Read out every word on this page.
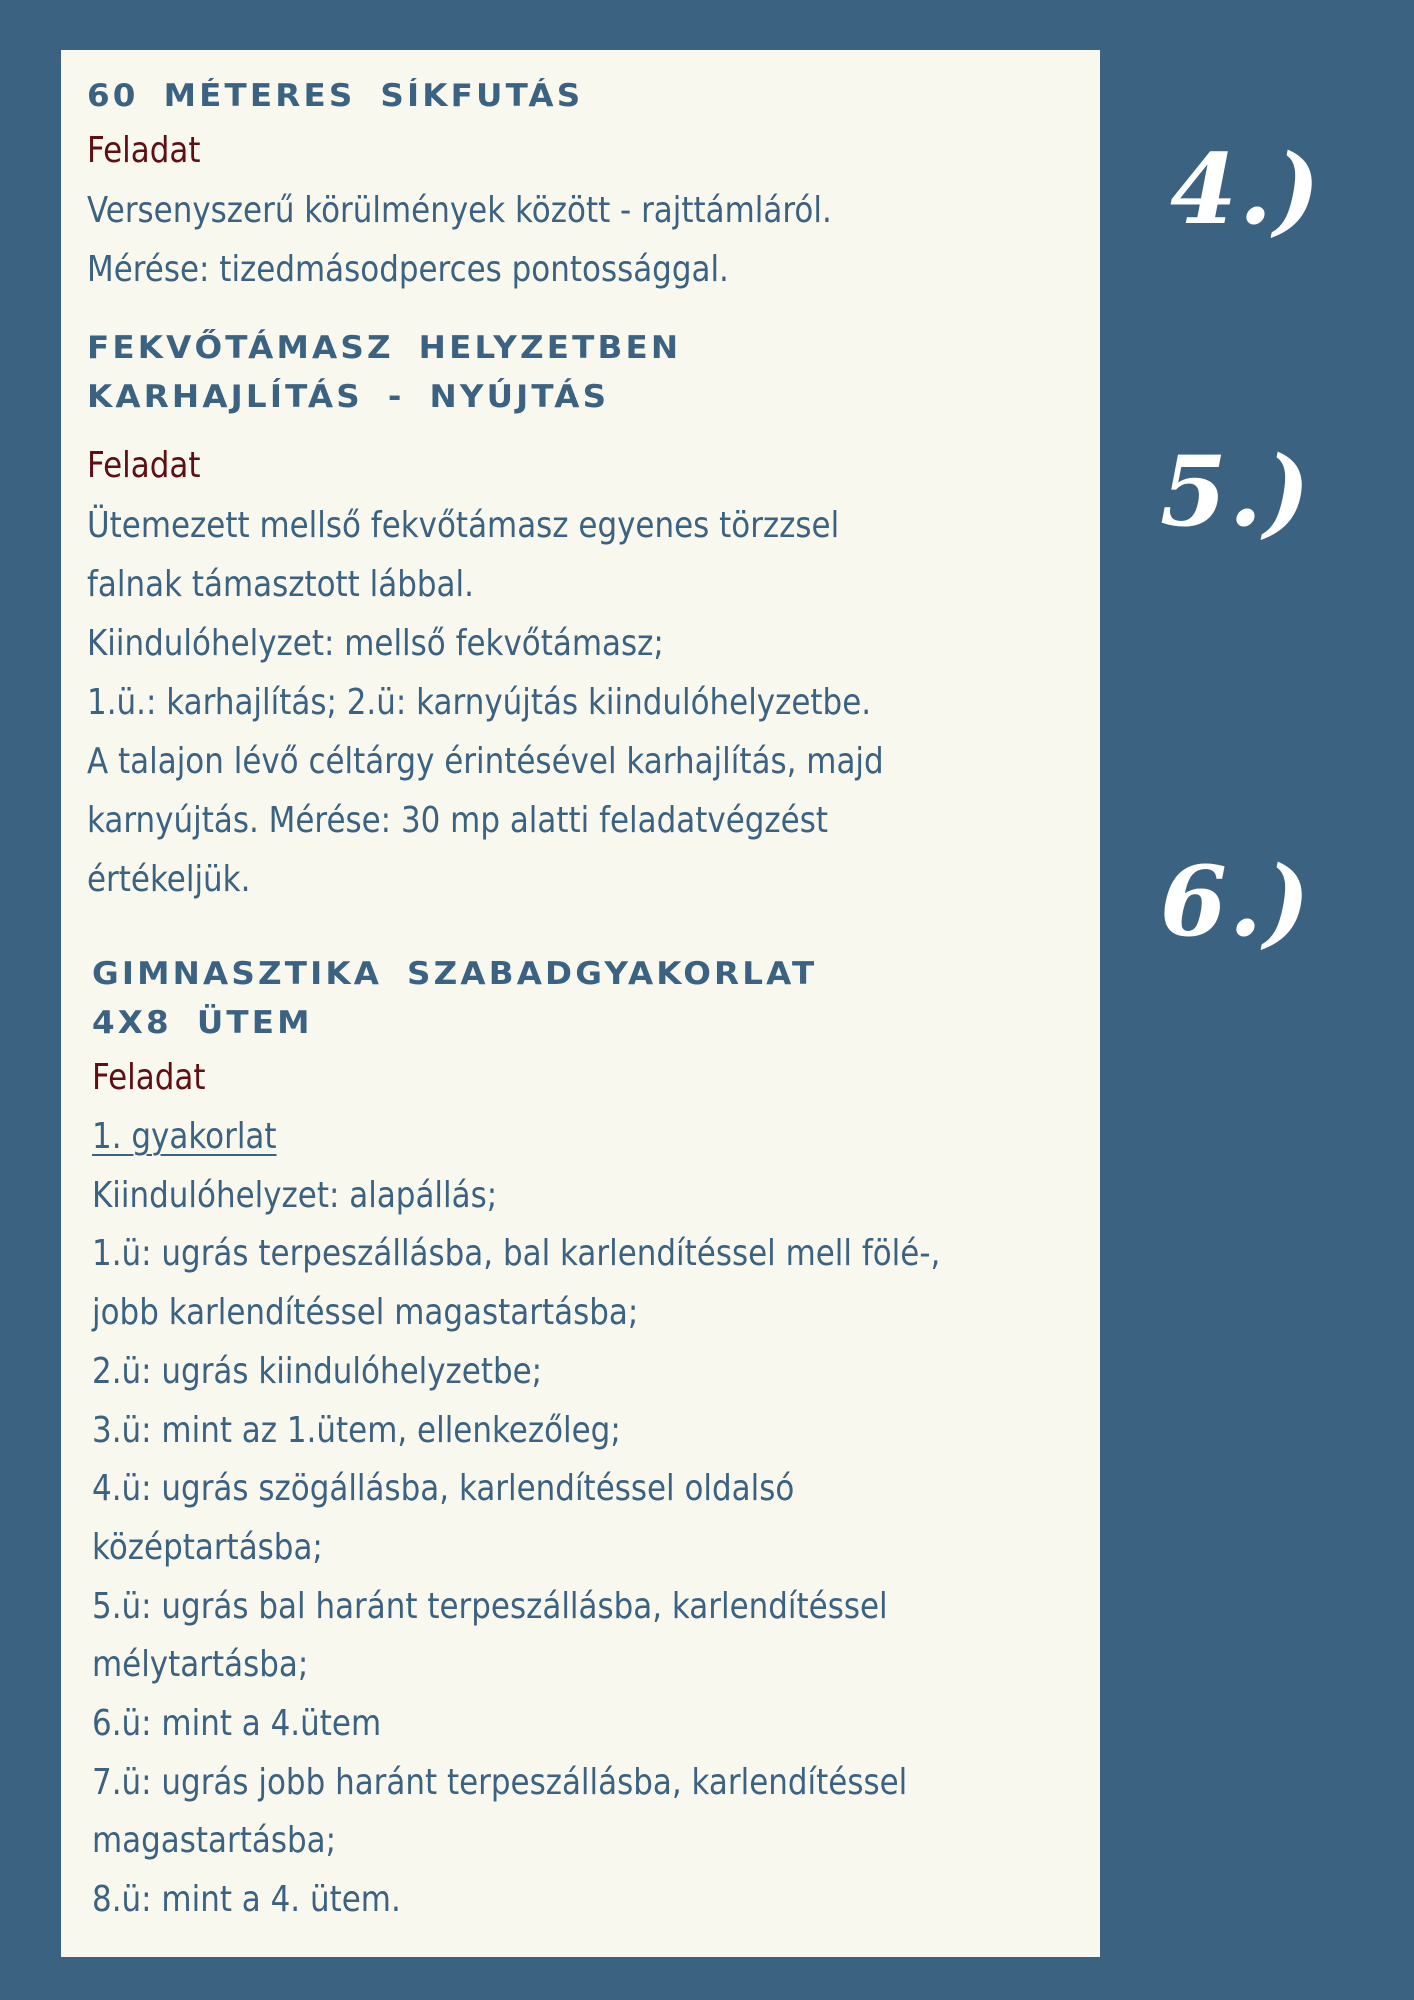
60 MÉTERES SÍKFUTÁS

Feladat

Versenyszerű körülmények között - rajttámláról.

Mérése: tizedmásodperces pontossággal.

FEKVŐTÁMASZ HELYZETBEN
KARHAJLÍTÁS - NYÚJTÁS

Feladat

Ütemezett mellső fekvőtámasz egyenes törzzsel

falnak támasztott lábbal.

Kiindulóhelyzet: mellső fekvőtámasz;

1.ü.: karhajlítás; 2.ü: karnyújtás kiindulóhelyzetbe.

A talajon lévő céltárgy érintésével karhajlítás, majd

karnyújtás. Mérése: 30 mp alatti feladatvégzést

értékeljük.

GIMNASZTIKA SZABADGYAKORLAT
4X8 ÜTEM

Feladat

1. gyakorlat

Kiindulóhelyzet: alapállás;

1.ü: ugrás terpeszállásba, bal karlendítéssel mell fölé-,

jobb karlendítéssel magastartásba;

2.ü: ugrás kiindulóhelyzetbe;

3.ü: mint az 1.ütem, ellenkezőleg;

4.ü: ugrás szögállásba, karlendítéssel oldalsó

középtartásba;

5.ü: ugrás bal haránt terpeszállásba, karlendítéssel

mélytartásba;

6.ü: mint a 4.ütem

7.ü: ugrás jobb haránt terpeszállásba, karlendítéssel

magastartásba;

8.ü: mint a 4. ütem.

4.)
5.)
6.)
